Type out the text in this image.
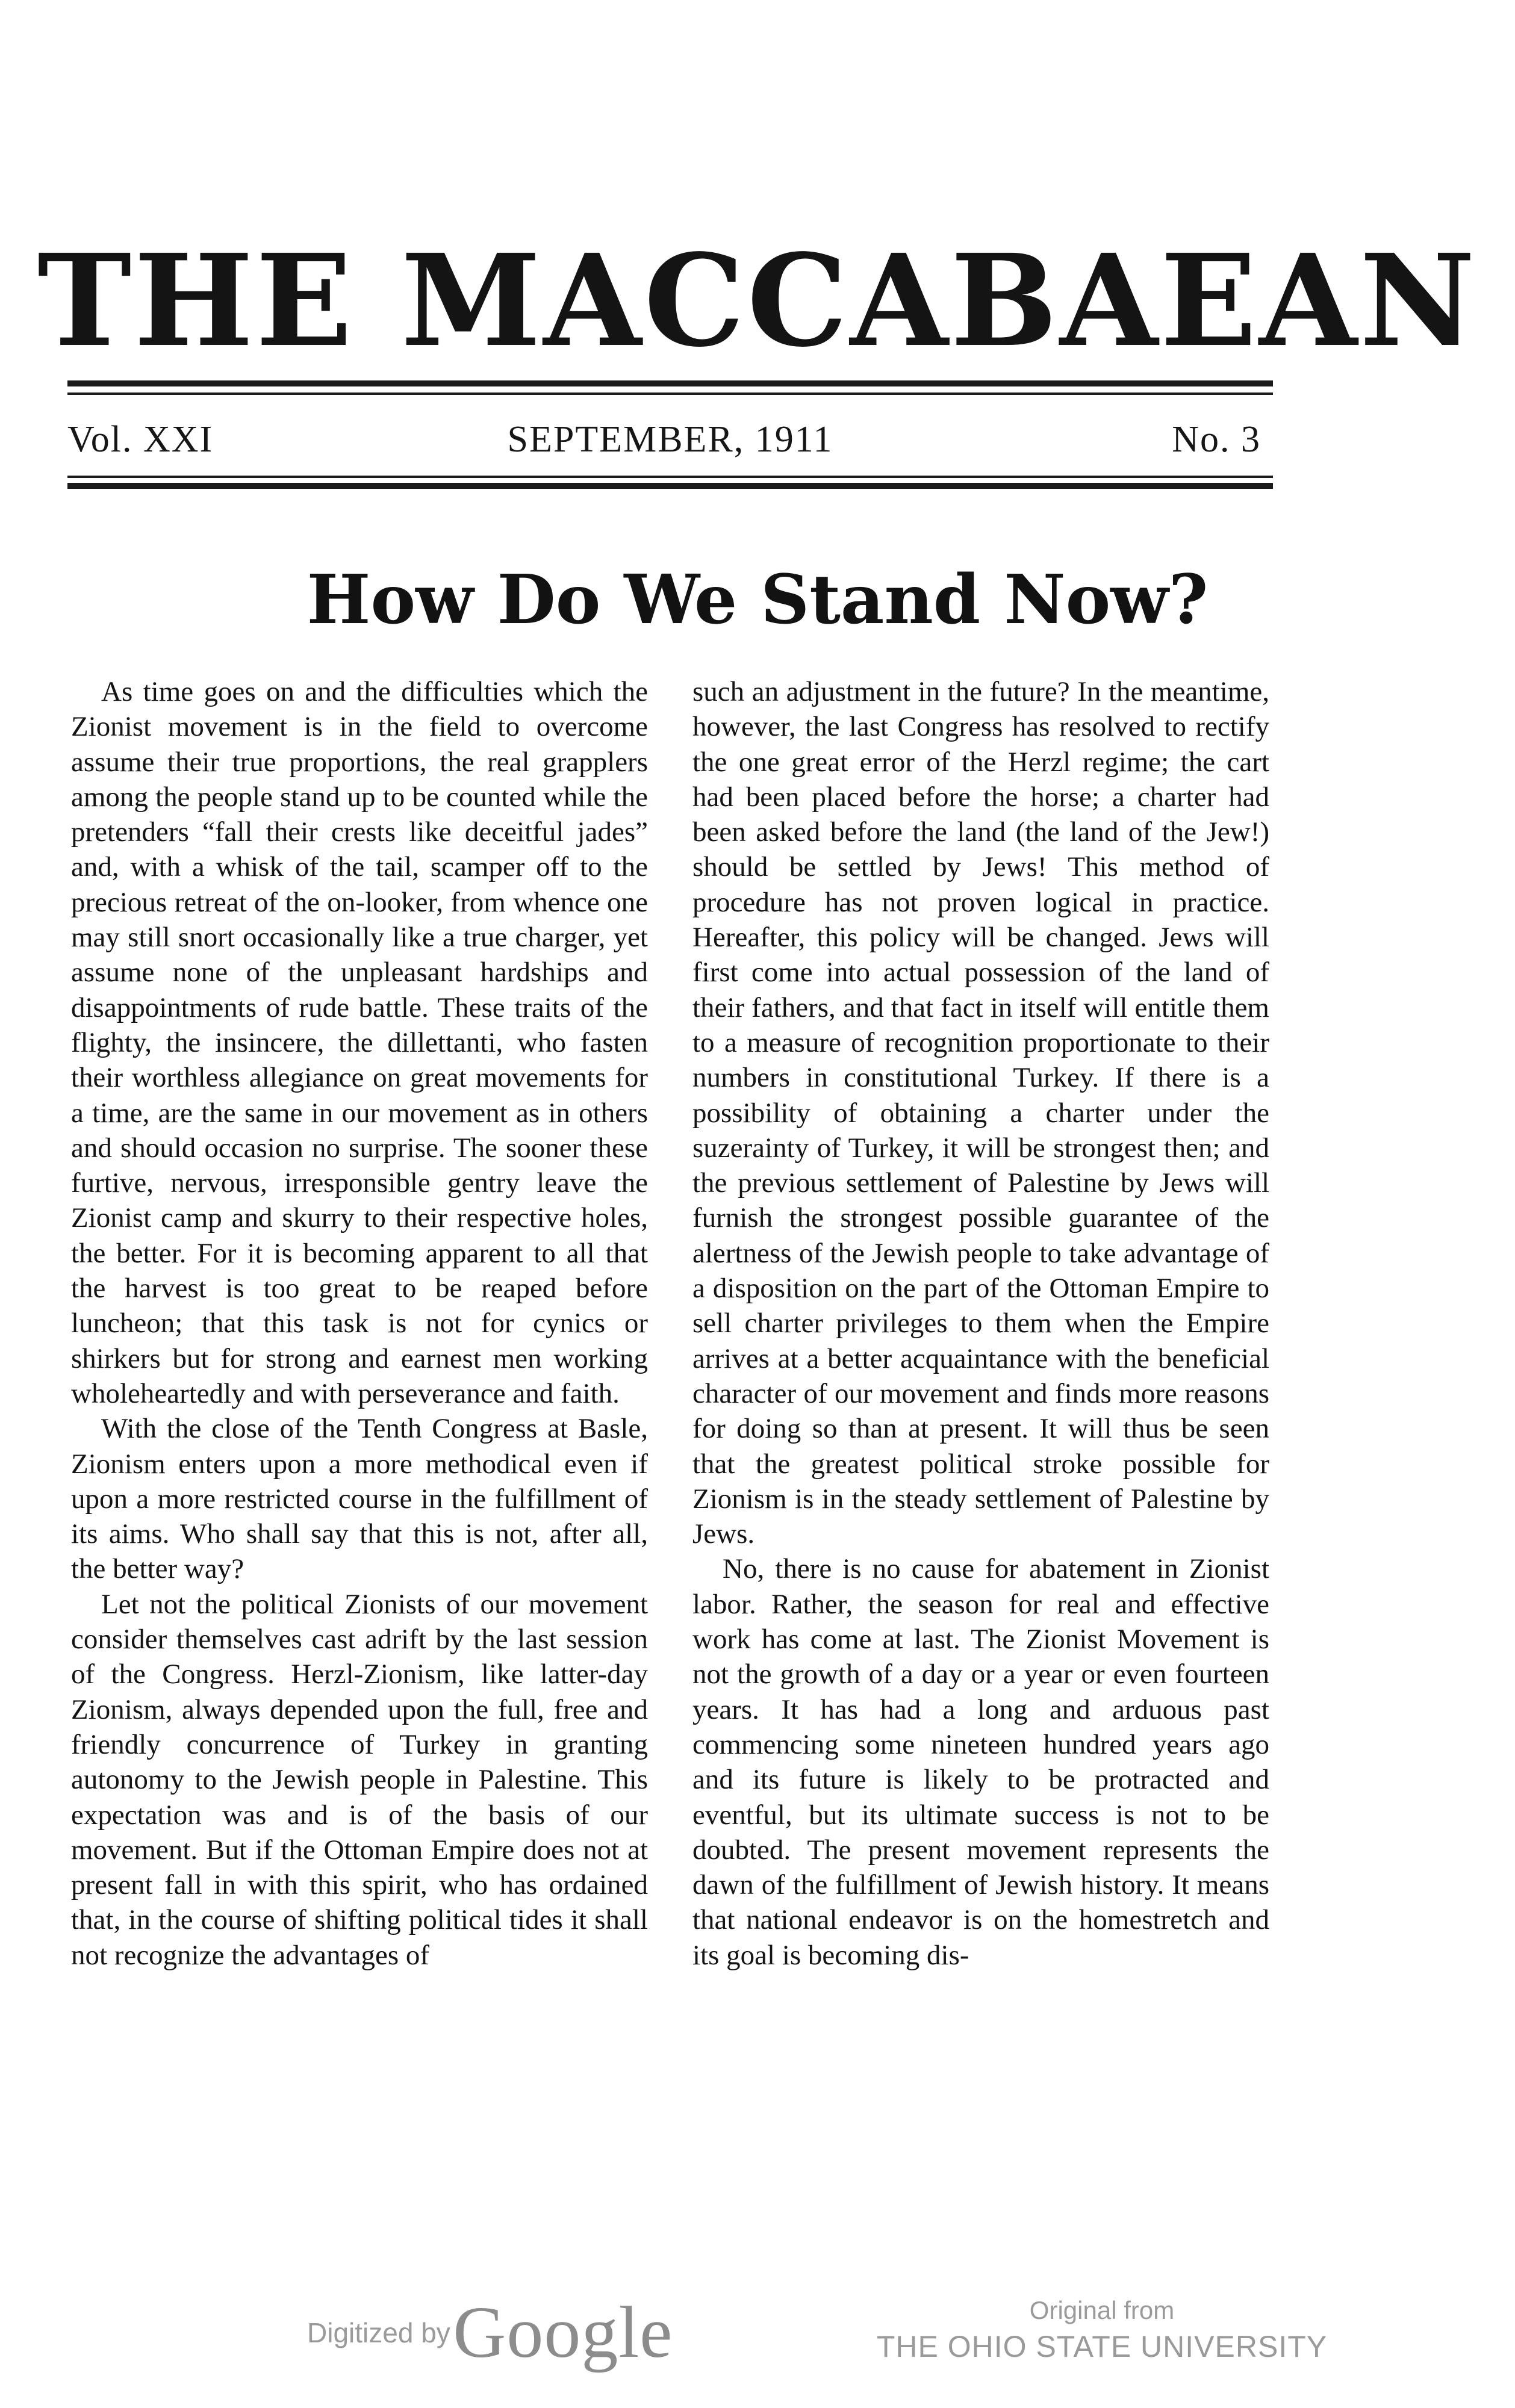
THE MACCABAEAN
Vol. XXI	SEPTEMBER, 1911	No. 3
How Do We Stand Now?

As time goes on and the difficulties which the Zionist movement is in the field to overcome assume their true proportions, the real grapplers among the people stand up to be counted while the pretenders “fall their crests like deceitful jades” and, with a whisk of the tail, scamper off to the precious retreat of the on-looker, from whence one may still snort occasionally like a true charger, yet assume none of the unpleasant hardships and disappointments of rude battle. These traits of the flighty, the insincere, the dillettanti, who fasten their worthless allegiance on great movements for a time, are the same in our movement as in others and should occasion no surprise. The sooner these furtive, nervous, irresponsible gentry leave the Zionist camp and skurry to their respective holes, the better. For it is becoming apparent to all that the harvest is too great to be reaped before luncheon; that this task is not for cynics or shirkers but for strong and earnest men working wholeheartedly and with perseverance and faith.

With the close of the Tenth Congress at Basle, Zionism enters upon a more methodical even if upon a more restricted course in the fulfillment of its aims. Who shall say that this is not, after all, the better way?

Let not the political Zionists of our movement consider themselves cast adrift by the last session of the Congress. Herzl-Zionism, like latter-day Zionism, always depended upon the full, free and friendly concurrence of Turkey in granting autonomy to the Jewish people in Palestine. This expectation was and is of the basis of our movement. But if the Ottoman Empire does not at present fall in with this spirit, who has ordained that, in the course of shifting political tides it shall not recognize the advantages of

such an adjustment in the future? In the meantime, however, the last Congress has resolved to rectify the one great error of the Herzl regime; the cart had been placed before the horse; a charter had been asked before the land (the land of the Jew!) should be settled by Jews! This method of procedure has not proven logical in practice. Hereafter, this policy will be changed. Jews will first come into actual possession of the land of their fathers, and that fact in itself will entitle them to a measure of recognition proportionate to their numbers in constitutional Turkey. If there is a possibility of obtaining a charter under the suzerainty of Turkey, it will be strongest then; and the previous settlement of Palestine by Jews will furnish the strongest possible guarantee of the alertness of the Jewish people to take advantage of a disposition on the part of the Ottoman Empire to sell charter privileges to them when the Empire arrives at a better acquaintance with the beneficial character of our movement and finds more reasons for doing so than at present. It will thus be seen that the greatest political stroke possible for Zionism is in the steady settlement of Palestine by Jews.

No, there is no cause for abatement in Zionist labor. Rather, the season for real and effective work has come at last. The Zionist Movement is not the growth of a day or a year or even fourteen years. It has had a long and arduous past commencing some nineteen hundred years ago and its future is likely to be protracted and eventful, but its ultimate success is not to be doubted. The present movement represents the dawn of the fulfillment of Jewish history. It means that national endeavor is on the homestretch and its goal is becoming dis-

Digitized by Google	Original from
THE OHIO STATE UNIVERSITY
